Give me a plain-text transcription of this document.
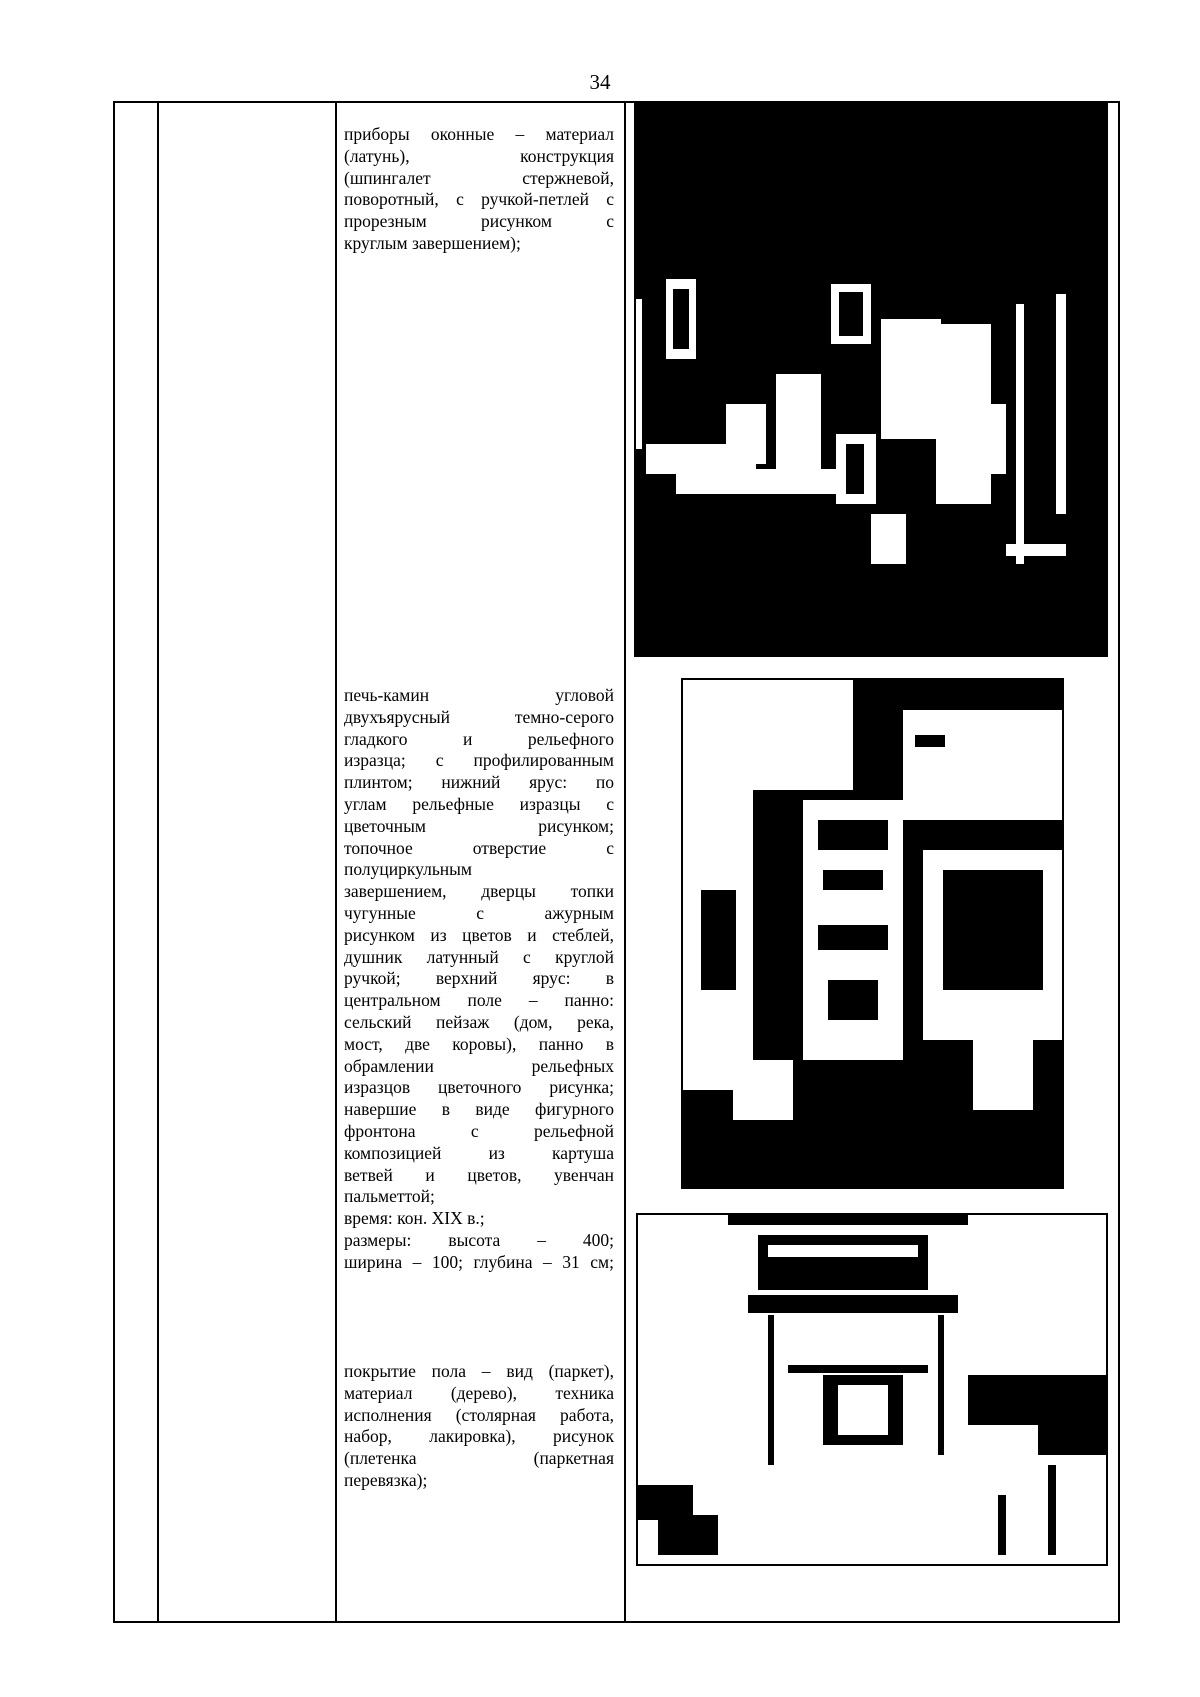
34
приборы оконные – материал
(латунь), конструкция
(шпингалет стержневой,
поворотный, с ручкой-петлей с
прорезным рисунком с
круглым завершением);
печь-камин угловой
двухъярусный темно-серого
гладкого и рельефного
изразца; с профилированным
плинтом; нижний ярус: по
углам рельефные изразцы с
цветочным рисунком;
топочное отверстие с
полуциркульным
завершением, дверцы топки
чугунные с ажурным
рисунком из цветов и стеблей,
душник латунный с круглой
ручкой; верхний ярус: в
центральном поле – панно:
сельский пейзаж (дом, река,
мост, две коровы), панно в
обрамлении рельефных
изразцов цветочного рисунка;
навершие в виде фигурного
фронтона с рельефной
композицией из картуша
ветвей и цветов, увенчан
пальметтой;
время: кон. XIX в.;
размеры: высота – 400;
ширина – 100; глубина – 31 см;
покрытие пола – вид (паркет),
материал (дерево), техника
исполнения (столярная работа,
набор, лакировка), рисунок
(плетенка (паркетная
перевязка);
